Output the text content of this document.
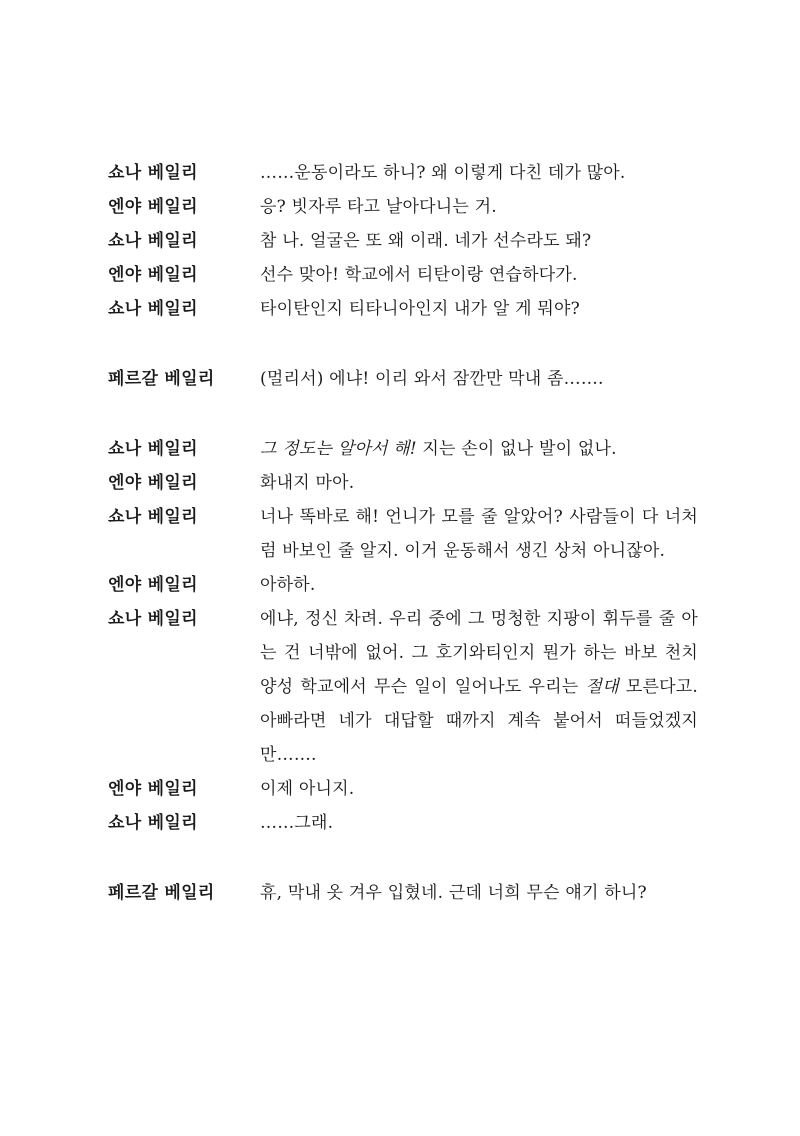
쇼나 베일리	……운동이라도 하니? 왜 이렇게 다친 데가 많아.
엔야 베일리	응? 빗자루 타고 날아다니는 거.
쇼나 베일리	참 나. 얼굴은 또 왜 이래. 네가 선수라도 돼?
엔야 베일리	선수 맞아! 학교에서 티탄이랑 연습하다가.
쇼나 베일리	타이탄인지 티타니아인지 내가 알 게 뭐야?
페르갈 베일리	(멀리서) 에냐! 이리 와서 잠깐만 막내 좀…….
쇼나 베일리	그 정도는 알아서 해! 지는 손이 없나 발이 없나.
엔야 베일리	화내지 마아.
쇼나 베일리	너나 똑바로 해! 언니가 모를 줄 알았어? 사람들이 다 너처럼 바보인 줄 알지. 이거 운동해서 생긴 상처 아니잖아.
엔야 베일리	아하하.
쇼나 베일리	에냐, 정신 차려. 우리 중에 그 멍청한 지팡이 휘두를 줄 아는 건 너밖에 없어. 그 호기와티인지 뭔가 하는 바보 천치 양성 학교에서 무슨 일이 일어나도 우리는 절대 모른다고. 아빠라면 네가 대답할 때까지 계속 붙어서 떠들었겠지만…….
엔야 베일리	이제 아니지.
쇼나 베일리	……그래.
페르갈 베일리	휴, 막내 옷 겨우 입혔네. 근데 너희 무슨 얘기 하니?
